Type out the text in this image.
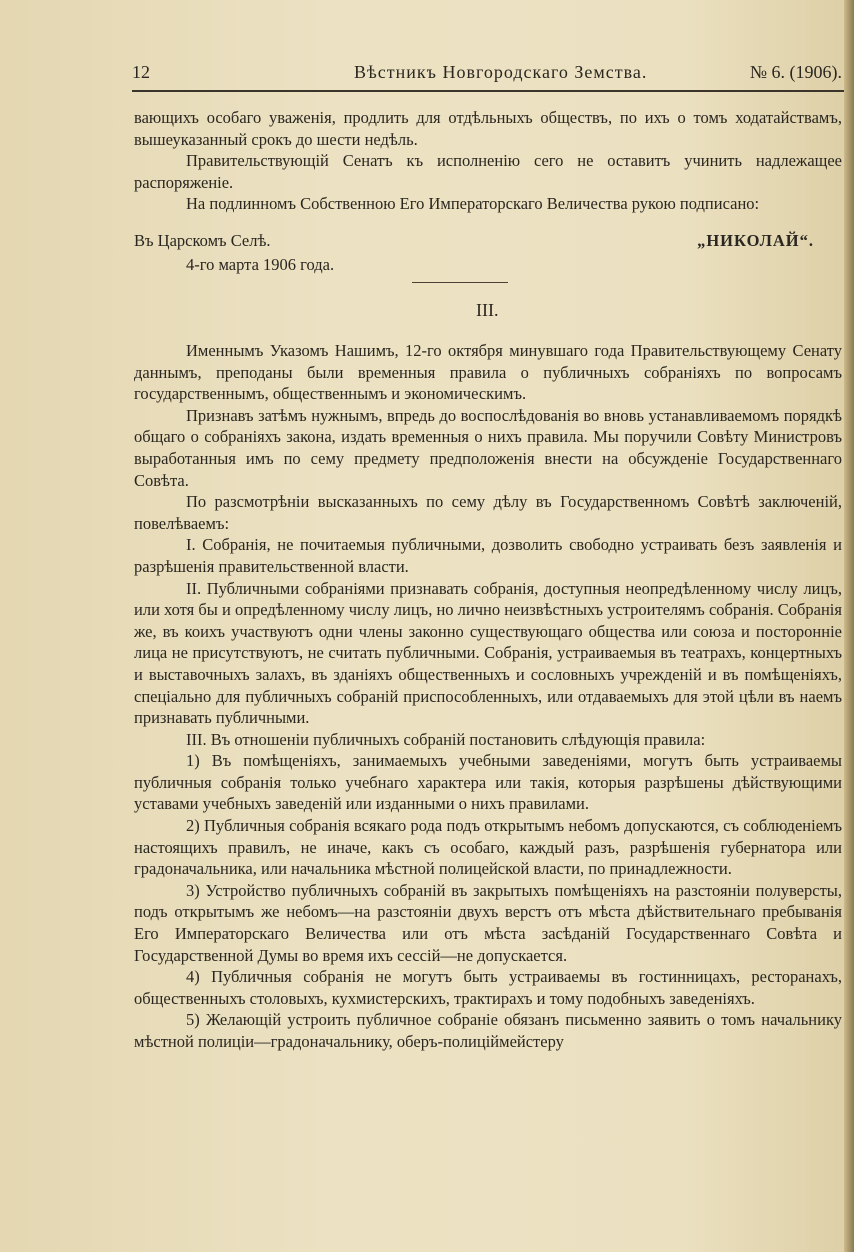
12	Вѣстникъ Новгородскаго Земства.	№ 6. (1906).

вающихъ особаго уваженія, продлить для отдѣльныхъ обществъ, по ихъ о томъ ходатайствамъ, вышеуказанный срокъ до шести недѣль.

Правительствующій Сенатъ къ исполненію сего не оставитъ учинить надлежащее распоряженіе.

На подлинномъ Собственною Его Императорскаго Величества рукою подписано:

Въ Царскомъ Селѣ.	„НИКОЛАЙ“.
4-го марта 1906 года.
III.

Именнымъ Указомъ Нашимъ, 12-го октября минувшаго года Правительствующему Сенату даннымъ, преподаны были временныя правила о публичныхъ собраніяхъ по вопросамъ государственнымъ, общественнымъ и экономическимъ.

Признавъ затѣмъ нужнымъ, впредь до воспослѣдованія во вновь устанавливаемомъ порядкѣ общаго о собраніяхъ закона, издать временныя о нихъ правила. Мы поручили Совѣту Министровъ выработанныя имъ по сему предмету предположенія внести на обсужденіе Государственнаго Совѣта.

По разсмотрѣніи высказанныхъ по сему дѣлу въ Государственномъ Совѣтѣ заключеній, повелѣваемъ:

I. Собранія, не почитаемыя публичными, дозволить свободно устраивать безъ заявленія и разрѣшенія правительственной власти.

II. Публичными собраніями признавать собранія, доступныя неопредѣленному числу лицъ, или хотя бы и опредѣленному числу лицъ, но лично неизвѣстныхъ устроителямъ собранія. Собранія же, въ коихъ участвуютъ одни члены законно существующаго общества или союза и посторонніе лица не присутствуютъ, не считать публичными. Собранія, устраиваемыя въ театрахъ, концертныхъ и выставочныхъ залахъ, въ зданіяхъ общественныхъ и сословныхъ учрежденій и въ помѣщеніяхъ, спеціально для публичныхъ собраній приспособленныхъ, или отдаваемыхъ для этой цѣли въ наемъ признавать публичными.

III. Въ отношеніи публичныхъ собраній постановить слѣдующія правила:

1) Въ помѣщеніяхъ, занимаемыхъ учебными заведеніями, могутъ быть устраиваемы публичныя собранія только учебнаго характера или такія, которыя разрѣшены дѣйствующими уставами учебныхъ заведеній или изданными о нихъ правилами.

2) Публичныя собранія всякаго рода подъ открытымъ небомъ допускаются, съ соблюденіемъ настоящихъ правилъ, не иначе, какъ съ особаго, каждый разъ, разрѣшенія губернатора или градоначальника, или начальника мѣстной полицейской власти, по принадлежности.

3) Устройство публичныхъ собраній въ закрытыхъ помѣщеніяхъ на разстояніи полуверсты, подъ открытымъ же небомъ—на разстояніи двухъ верстъ отъ мѣста дѣйствительнаго пребыванія Его Императорскаго Величества или отъ мѣста засѣданій Государственнаго Совѣта и Государственной Думы во время ихъ сессій—не допускается.

4) Публичныя собранія не могутъ быть устраиваемы въ гостинницахъ, ресторанахъ, общественныхъ столовыхъ, кухмистерскихъ, трактирахъ и тому подобныхъ заведеніяхъ.

5) Желающій устроить публичное собраніе обязанъ письменно заявить о томъ начальнику мѣстной полиціи—градоначальнику, оберъ-полиціймейстеру
